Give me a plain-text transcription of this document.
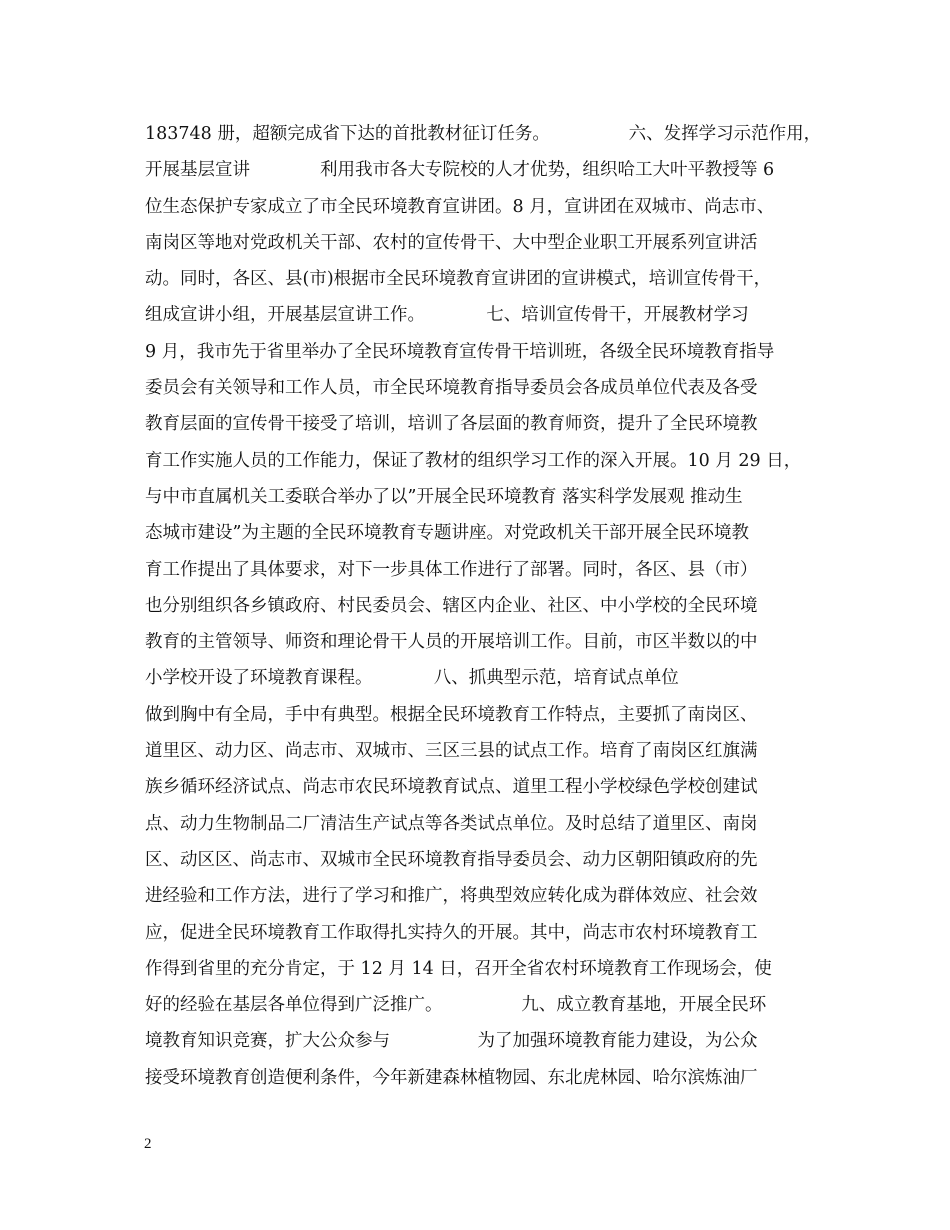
183748 册，超额完成省下达的首批教材征订任务。　　　　　六、发挥学习示范作用，
开展基层宣讲　　　　利用我市各大专院校的人才优势，组织哈工大叶平教授等 6
位生态保护专家成立了市全民环境教育宣讲团。8 月，宣讲团在双城市、尚志市、
南岗区等地对党政机关干部、农村的宣传骨干、大中型企业职工开展系列宣讲活
动。同时，各区、县(市)根据市全民环境教育宣讲团的宣讲模式，培训宣传骨干，
组成宣讲小组，开展基层宣讲工作。　　　　七、培训宣传骨干，开展教材学习
9 月，我市先于省里举办了全民环境教育宣传骨干培训班，各级全民环境教育指导
委员会有关领导和工作人员，市全民环境教育指导委员会各成员单位代表及各受
教育层面的宣传骨干接受了培训，培训了各层面的教育师资，提升了全民环境教
育工作实施人员的工作能力，保证了教材的组织学习工作的深入开展。10 月 29 日，
与中市直属机关工委联合举办了以”开展全民环境教育 落实科学发展观 推动生
态城市建设”为主题的全民环境教育专题讲座。对党政机关干部开展全民环境教
育工作提出了具体要求，对下一步具体工作进行了部署。同时，各区、县（市）
也分别组织各乡镇政府、村民委员会、辖区内企业、社区、中小学校的全民环境
教育的主管领导、师资和理论骨干人员的开展培训工作。目前，市区半数以的中
小学校开设了环境教育课程。　　　　八、抓典型示范，培育试点单位
做到胸中有全局，手中有典型。根据全民环境教育工作特点，主要抓了南岗区、
道里区、动力区、尚志市、双城市、三区三县的试点工作。培育了南岗区红旗满
族乡循环经济试点、尚志市农民环境教育试点、道里工程小学校绿色学校创建试
点、动力生物制品二厂清洁生产试点等各类试点单位。及时总结了道里区、南岗
区、动区区、尚志市、双城市全民环境教育指导委员会、动力区朝阳镇政府的先
进经验和工作方法，进行了学习和推广，将典型效应转化成为群体效应、社会效
应，促进全民环境教育工作取得扎实持久的开展。其中，尚志市农村环境教育工
作得到省里的充分肯定，于 12 月 14 日，召开全省农村环境教育工作现场会，使
好的经验在基层各单位得到广泛推广。　　　　　九、成立教育基地，开展全民环
境教育知识竞赛，扩大公众参与　　　　　为了加强环境教育能力建设，为公众
接受环境教育创造便利条件，今年新建森林植物园、东北虎林园、哈尔滨炼油厂
2
